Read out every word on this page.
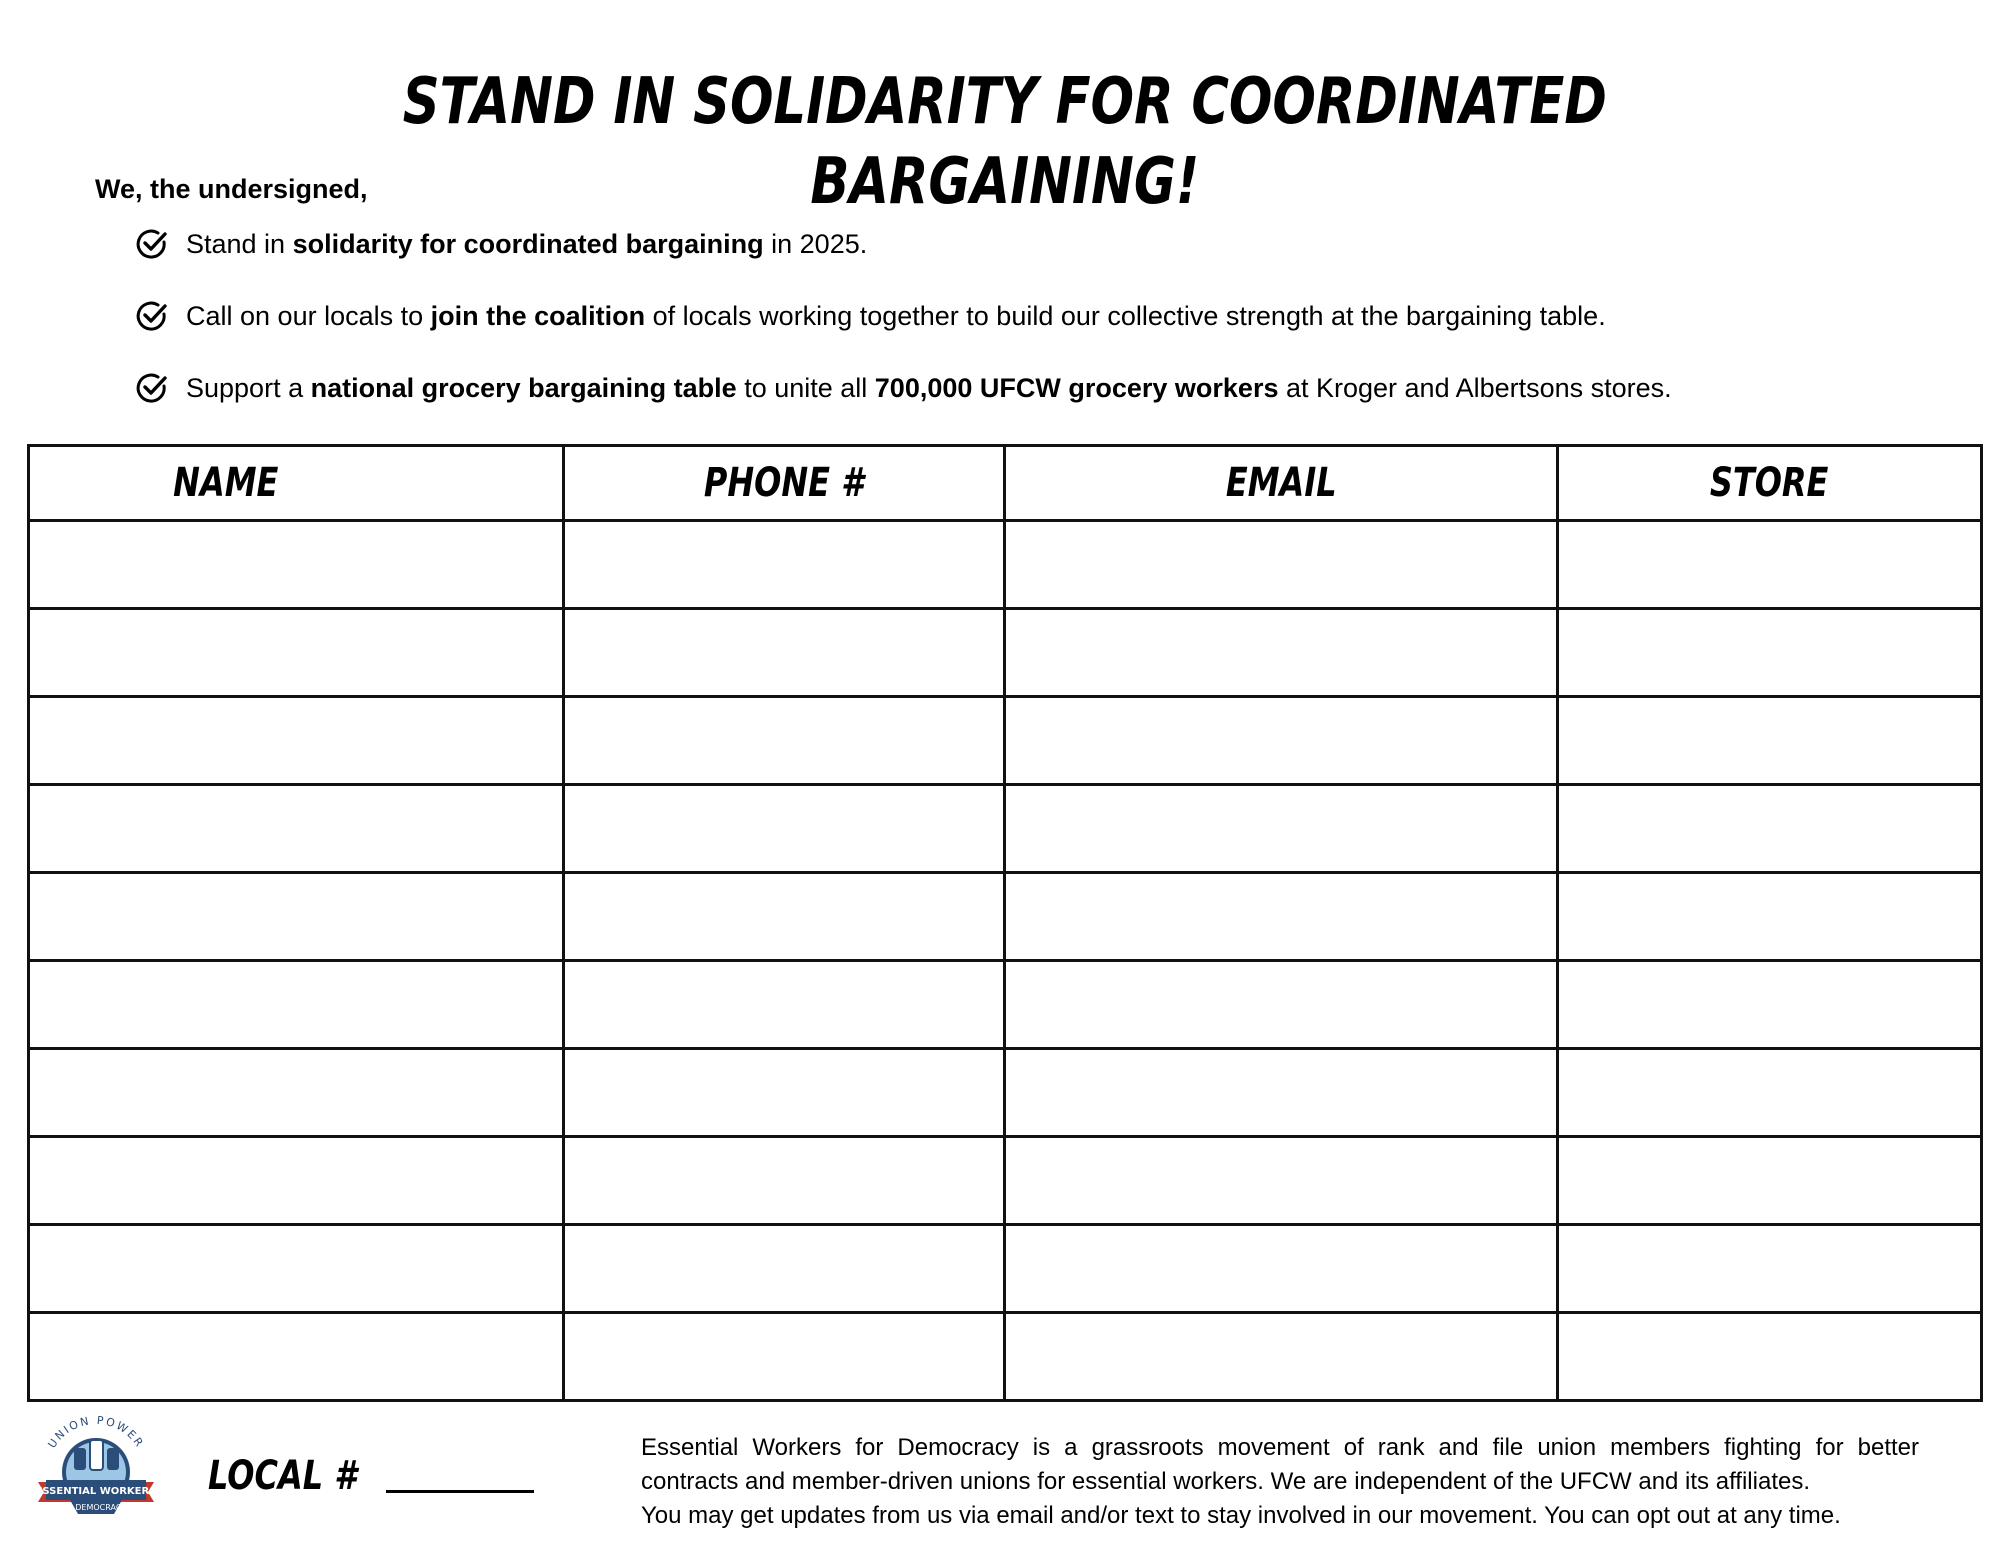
STAND IN SOLIDARITY FOR COORDINATED BARGAINING!
We, the undersigned,
Stand in solidarity for coordinated bargaining in 2025.
Call on our locals to join the coalition of locals working together to build our collective strength at the bargaining table.
Support a national grocery bargaining table to unite all 700,000 UFCW grocery workers at Kroger and Albertsons stores.
NAME	PHONE #	EMAIL	STORE

UNION POWER
ESSENTIAL WORKERS
for DEMOCRACY
LOCAL #

Essential Workers for Democracy is a grassroots movement of rank and file union members fighting for better

contracts and member-driven unions for essential workers. We are independent of the UFCW and its affiliates.

You may get updates from us via email and/or text to stay involved in our movement. You can opt out at any time.
